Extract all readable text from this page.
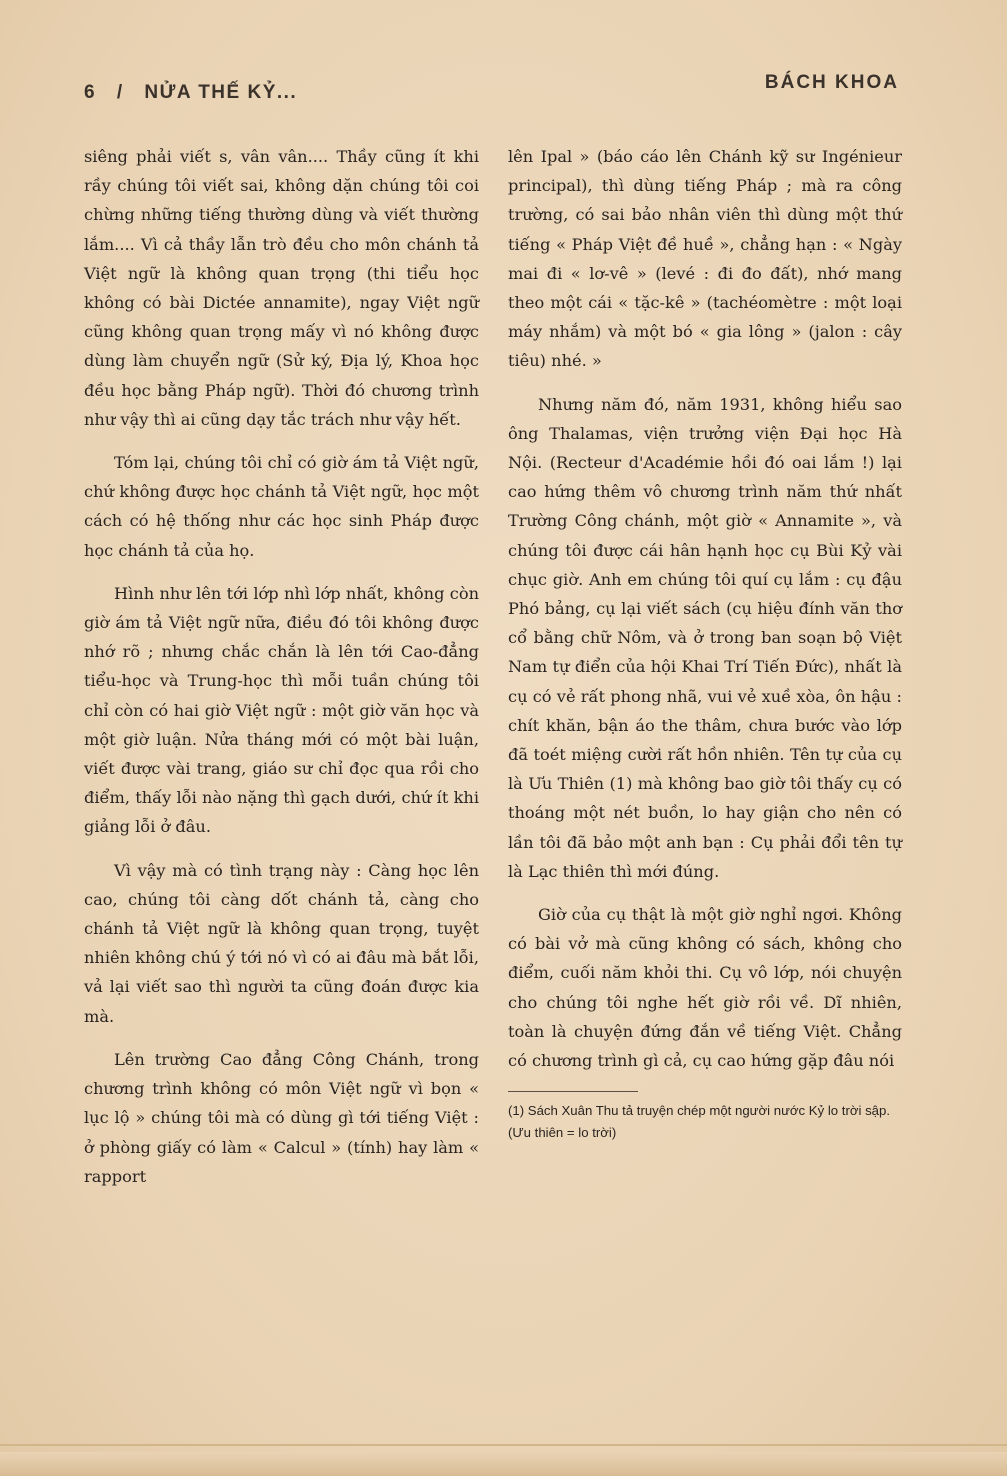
6 / NỬA THẾ KỶ...	BÁCH KHOA

siêng phải viết s, vân vân.... Thầy cũng ít khi rầy chúng tôi viết sai, không dặn chúng tôi coi chừng những tiếng thường dùng và viết thường lắm.... Vì cả thầy lẫn trò đều cho môn chánh tả Việt ngữ là không quan trọng (thi tiểu học không có bài Dictée annamite), ngay Việt ngữ cũng không quan trọng mấy vì nó không được dùng làm chuyển ngữ (Sử ký, Địa lý, Khoa học đều học bằng Pháp ngữ). Thời đó chương trình như vậy thì ai cũng dạy tắc trách như vậy hết.

Tóm lại, chúng tôi chỉ có giờ ám tả Việt ngữ, chứ không được học chánh tả Việt ngữ, học một cách có hệ thống như các học sinh Pháp được học chánh tả của họ.

Hình như lên tới lớp nhì lớp nhất, không còn giờ ám tả Việt ngữ nữa, điều đó tôi không được nhớ rõ ; nhưng chắc chắn là lên tới Cao-đẳng tiểu-học và Trung-học thì mỗi tuần chúng tôi chỉ còn có hai giờ Việt ngữ : một giờ văn học và một giờ luận. Nửa tháng mới có một bài luận, viết được vài trang, giáo sư chỉ đọc qua rồi cho điểm, thấy lỗi nào nặng thì gạch dưới, chứ ít khi giảng lỗi ở đâu.

Vì vậy mà có tình trạng này : Càng học lên cao, chúng tôi càng dốt chánh tả, càng cho chánh tả Việt ngữ là không quan trọng, tuyệt nhiên không chú ý tới nó vì có ai đâu mà bắt lỗi, vả lại viết sao thì người ta cũng đoán được kia mà.

Lên trường Cao đẳng Công Chánh, trong chương trình không có môn Việt ngữ vì bọn « lục lộ » chúng tôi mà có dùng gì tới tiếng Việt : ở phòng giấy có làm « Calcul » (tính) hay làm « rapport

lên Ipal » (báo cáo lên Chánh kỹ sư Ingénieur principal), thì dùng tiếng Pháp ; mà ra công trường, có sai bảo nhân viên thì dùng một thứ tiếng « Pháp Việt đề huề », chẳng hạn : « Ngày mai đi « lơ-vê » (levé : đi đo đất), nhớ mang theo một cái « tặc-kê » (tachéomètre : một loại máy nhắm) và một bó « gia lông » (jalon : cây tiêu) nhé. »

Nhưng năm đó, năm 1931, không hiểu sao ông Thalamas, viện trưởng viện Đại học Hà Nội. (Recteur d'Académie hồi đó oai lắm !) lại cao hứng thêm vô chương trình năm thứ nhất Trường Công chánh, một giờ « Annamite », và chúng tôi được cái hân hạnh học cụ Bùi Kỷ vài chục giờ. Anh em chúng tôi quí cụ lắm : cụ đậu Phó bảng, cụ lại viết sách (cụ hiệu đính văn thơ cổ bằng chữ Nôm, và ở trong ban soạn bộ Việt Nam tự điển của hội Khai Trí Tiến Đức), nhất là cụ có vẻ rất phong nhã, vui vẻ xuề xòa, ôn hậu : chít khăn, bận áo the thâm, chưa bước vào lớp đã toét miệng cười rất hồn nhiên. Tên tự của cụ là Ưu Thiên (1) mà không bao giờ tôi thấy cụ có thoáng một nét buồn, lo hay giận cho nên có lần tôi đã bảo một anh bạn : Cụ phải đổi tên tự là Lạc thiên thì mới đúng.

Giờ của cụ thật là một giờ nghỉ ngơi. Không có bài vở mà cũng không có sách, không cho điểm, cuối năm khỏi thi. Cụ vô lớp, nói chuyện cho chúng tôi nghe hết giờ rồi về. Dĩ nhiên, toàn là chuyện đứng đắn về tiếng Việt. Chẳng có chương trình gì cả, cụ cao hứng gặp đâu nói

(1) Sách Xuân Thu tả truyện chép một người nước Kỷ lo trời sập. (Ưu thiên = lo trời)
